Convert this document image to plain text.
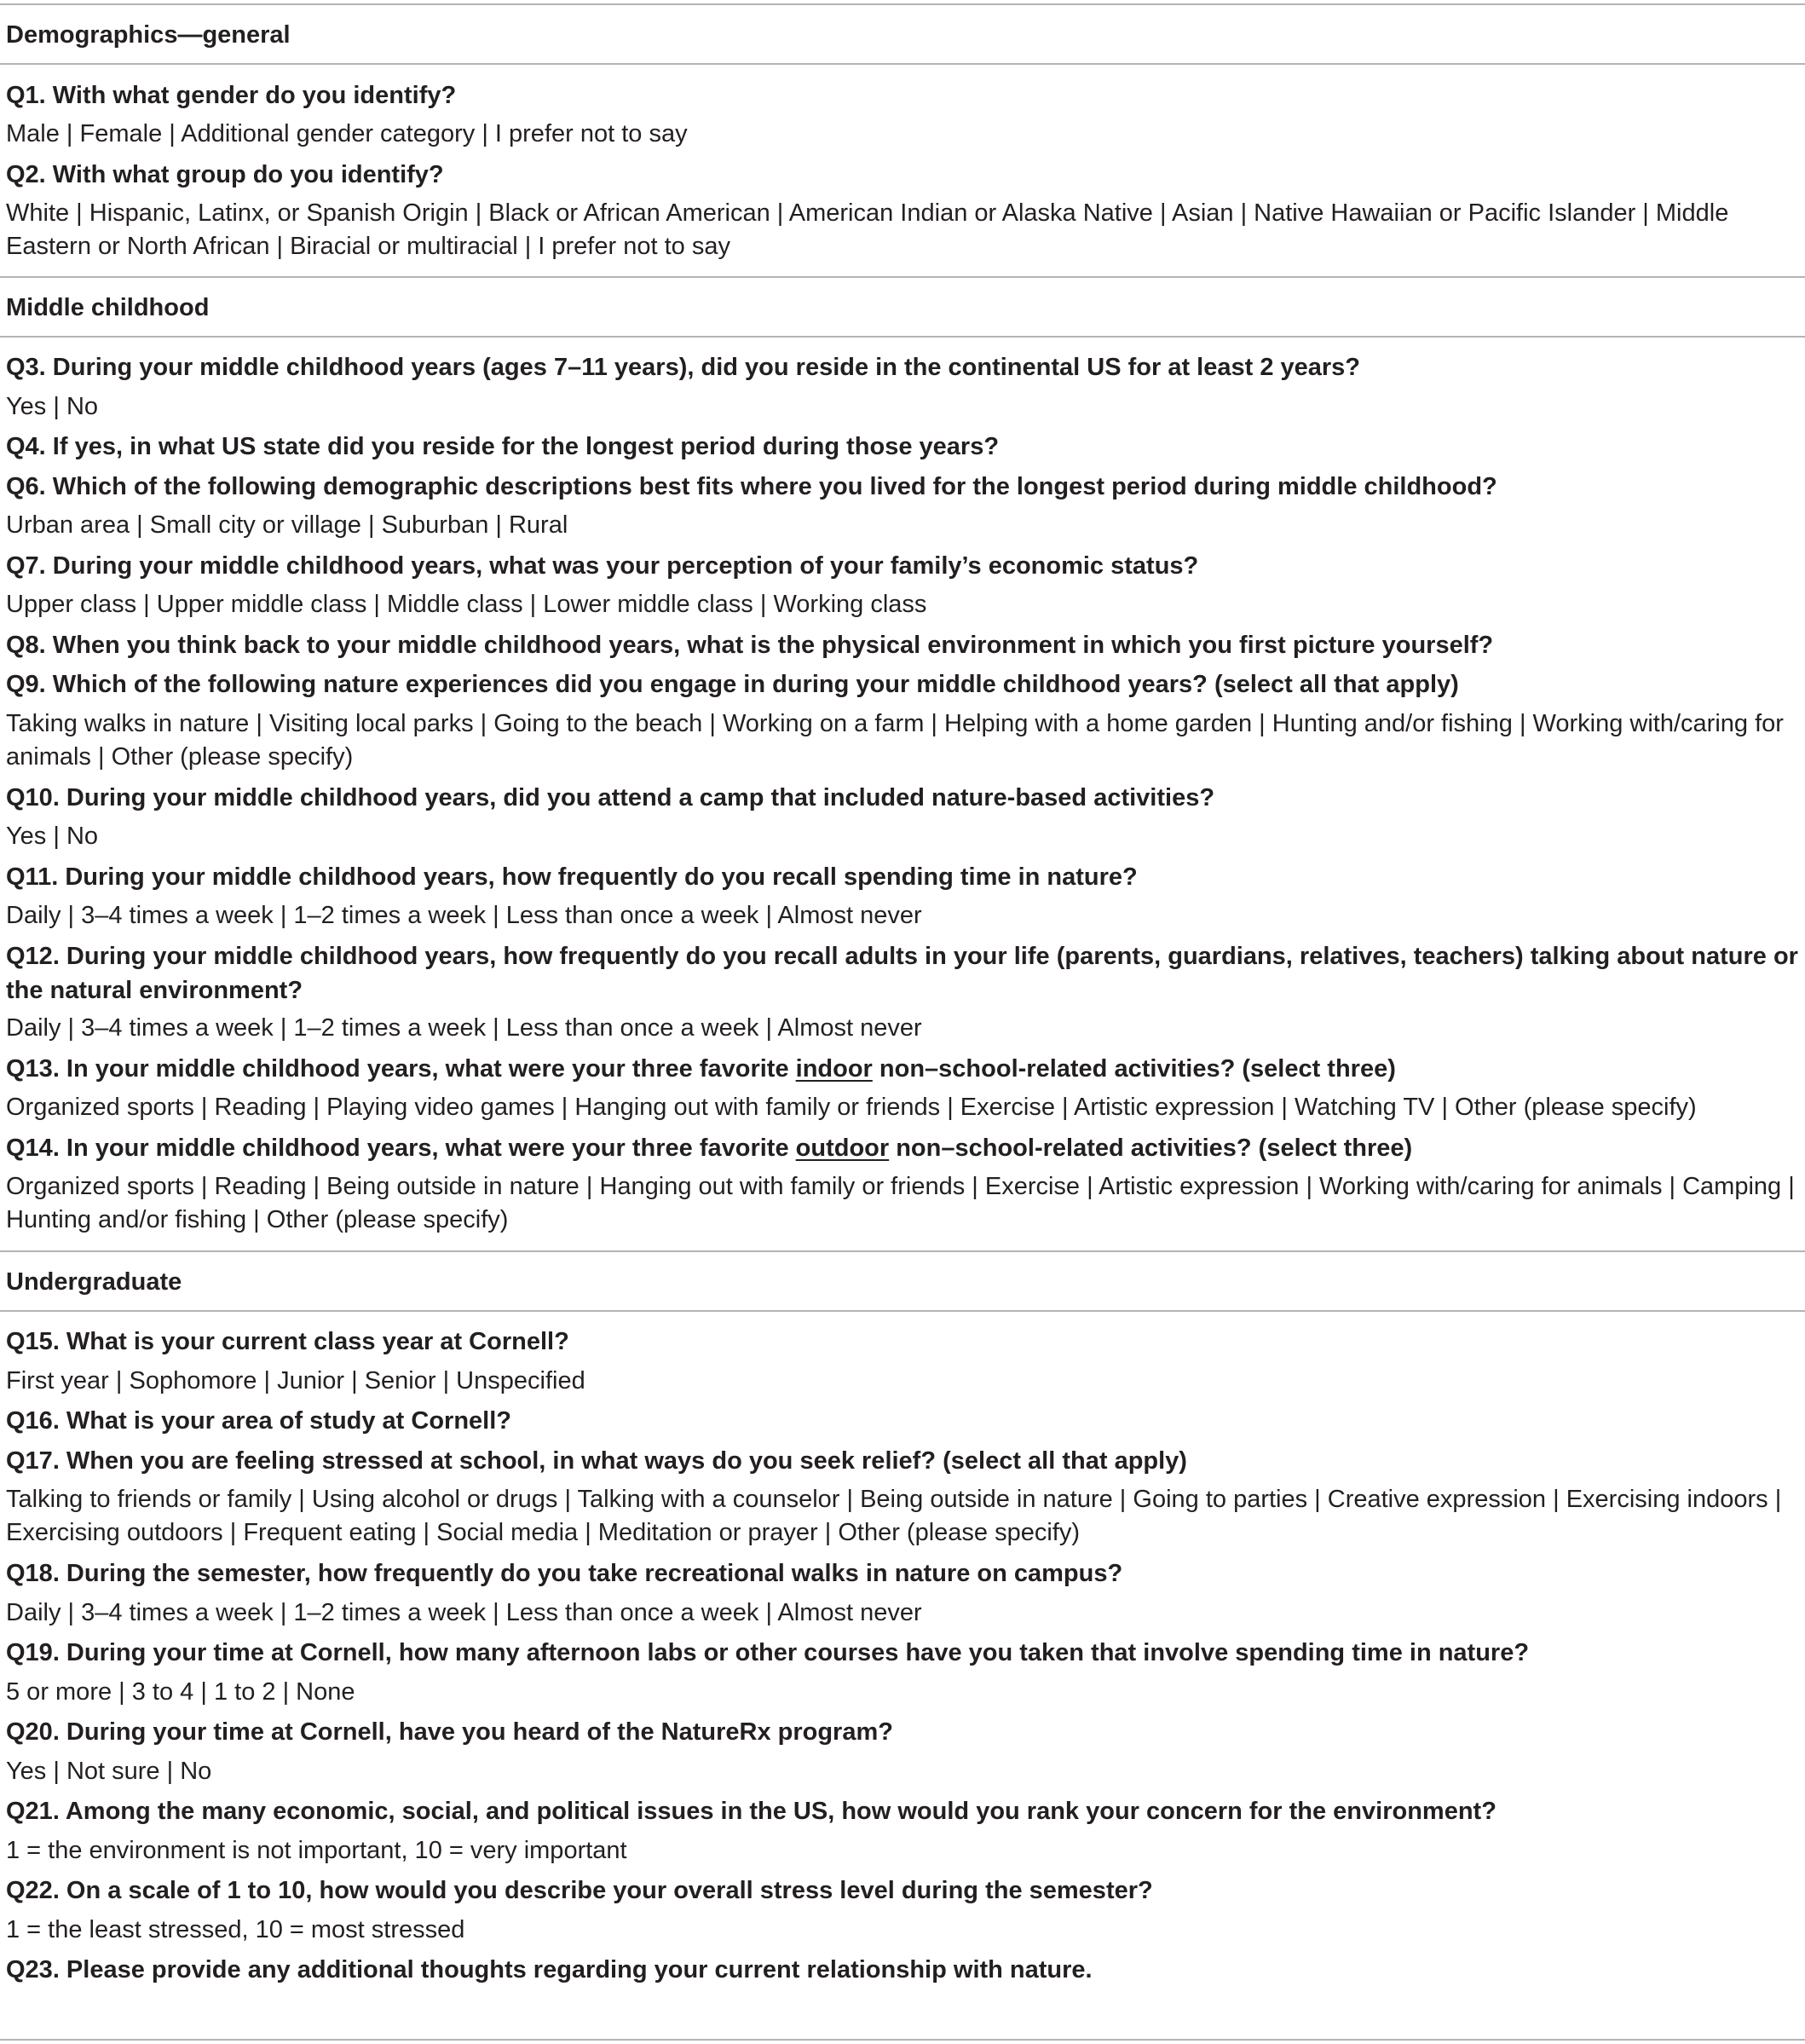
Demographics—general
Q1. With what gender do you identify?
Male | Female | Additional gender category | I prefer not to say
Q2. With what group do you identify?
White | Hispanic, Latinx, or Spanish Origin | Black or African American | American Indian or Alaska Native | Asian | Native Hawaiian or Pacific Islander | Middle Eastern or North African | Biracial or multiracial | I prefer not to say
Middle childhood
Q3. During your middle childhood years (ages 7–11 years), did you reside in the continental US for at least 2 years?
Yes | No
Q4. If yes, in what US state did you reside for the longest period during those years?
Q6. Which of the following demographic descriptions best fits where you lived for the longest period during middle childhood?
Urban area | Small city or village | Suburban | Rural
Q7. During your middle childhood years, what was your perception of your family’s economic status?
Upper class | Upper middle class | Middle class | Lower middle class | Working class
Q8. When you think back to your middle childhood years, what is the physical environment in which you first picture yourself?
Q9. Which of the following nature experiences did you engage in during your middle childhood years? (select all that apply)
Taking walks in nature | Visiting local parks | Going to the beach | Working on a farm | Helping with a home garden | Hunting and/or fishing | Working with/caring for animals | Other (please specify)
Q10. During your middle childhood years, did you attend a camp that included nature-based activities?
Yes | No
Q11. During your middle childhood years, how frequently do you recall spending time in nature?
Daily | 3–4 times a week | 1–2 times a week | Less than once a week | Almost never
Q12. During your middle childhood years, how frequently do you recall adults in your life (parents, guardians, relatives, teachers) talking about nature or the natural environment?
Daily | 3–4 times a week | 1–2 times a week | Less than once a week | Almost never
Q13. In your middle childhood years, what were your three favorite indoor non–school-related activities? (select three)
Organized sports | Reading | Playing video games | Hanging out with family or friends | Exercise | Artistic expression | Watching TV | Other (please specify)
Q14. In your middle childhood years, what were your three favorite outdoor non–school-related activities? (select three)
Organized sports | Reading | Being outside in nature | Hanging out with family or friends | Exercise | Artistic expression | Working with/caring for animals | Camping | Hunting and/or fishing | Other (please specify)
Undergraduate
Q15. What is your current class year at Cornell?
First year | Sophomore | Junior | Senior | Unspecified
Q16. What is your area of study at Cornell?
Q17. When you are feeling stressed at school, in what ways do you seek relief? (select all that apply)
Talking to friends or family | Using alcohol or drugs | Talking with a counselor | Being outside in nature | Going to parties | Creative expression | Exercising indoors | Exercising outdoors | Frequent eating | Social media | Meditation or prayer | Other (please specify)
Q18. During the semester, how frequently do you take recreational walks in nature on campus?
Daily | 3–4 times a week | 1–2 times a week | Less than once a week | Almost never
Q19. During your time at Cornell, how many afternoon labs or other courses have you taken that involve spending time in nature?
5 or more | 3 to 4 | 1 to 2 | None
Q20. During your time at Cornell, have you heard of the NatureRx program?
Yes | Not sure | No
Q21. Among the many economic, social, and political issues in the US, how would you rank your concern for the environment?
1 = the environment is not important, 10 = very important
Q22. On a scale of 1 to 10, how would you describe your overall stress level during the semester?
1 = the least stressed, 10 = most stressed
Q23. Please provide any additional thoughts regarding your current relationship with nature.
